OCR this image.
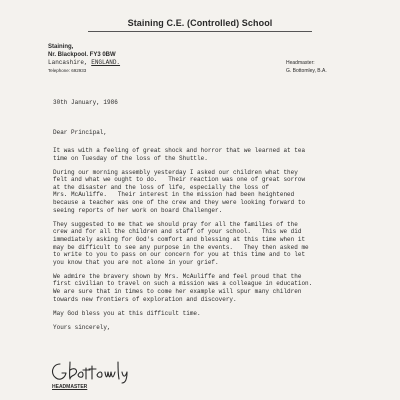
Staining C.E. (Controlled) School
Staining,
Nr. Blackpool. FY3 0BW
Lancashire, ENGLAND.
Telephone: 692933
Headmaster:
G. Bottomley, B.A.
30th January, 1986
Dear Principal,

It was with a feeling of great shock and horror that we learned at tea
time on Tuesday of the loss of the Shuttle.

During our morning assembly yesterday I asked our children what they
felt and what we ought to do.   Their reaction was one of great sorrow
at the disaster and the loss of life, especially the loss of
Mrs. McAuliffe.   Their interest in the mission had been heightened
because a teacher was one of the crew and they were looking forward to
seeing reports of her work on board Challenger.

They suggested to me that we should pray for all the families of the
crew and for all the children and staff of your school.   This we did
immediately asking for God's comfort and blessing at this time when it
may be difficult to see any purpose in the events.   They then asked me
to write to you to pass on our concern for you at this time and to let
you know that you are not alone in your grief.

We admire the bravery shown by Mrs. McAuliffe and feel proud that the
first civilian to travel on such a mission was a colleague in education.
We are sure that in times to come her example will spur many children
towards new frontiers of exploration and discovery.

May God bless you at this difficult time.

Yours sincerely,

HEADMASTER
